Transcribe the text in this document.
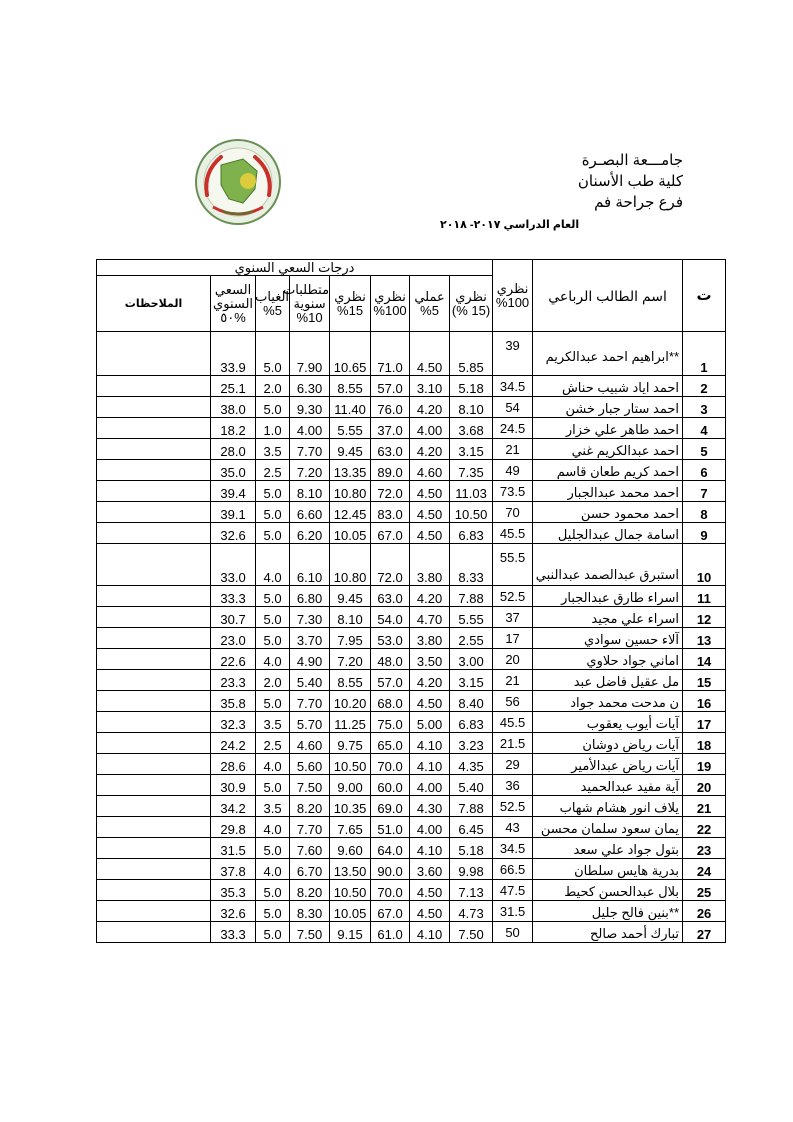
جامـــعة البصـرة
كلية طب الأسنان
فرع جراحة فم
العام الدراسي ٢٠١٧- ٢٠١٨
ت	اسم الطالب الرباعي	نظري 100%	درجات السعي السنوي							
			نظري (15 %)	عملي 5%	نظري 100%	نظري 15%	متطلبات سنوية 10%	الغياب 5%	السعي السنوي %٥٠	الملاحظات
1	**ابراهيم احمد عبدالكريم	39	5.85	4.50	71.0	10.65	7.90	5.0	33.9	
2	احمد اياد شبيب حناش	34.5	5.18	3.10	57.0	8.55	6.30	2.0	25.1	
3	احمد ستار جبار خشن	54	8.10	4.20	76.0	11.40	9.30	5.0	38.0	
4	احمد طاهر علي خزار	24.5	3.68	4.00	37.0	5.55	4.00	1.0	18.2	
5	احمد عبدالكريم غني	21	3.15	4.20	63.0	9.45	7.70	3.5	28.0	
6	احمد كريم طعان قاسم	49	7.35	4.60	89.0	13.35	7.20	2.5	35.0	
7	احمد محمد عبدالجبار	73.5	11.03	4.50	72.0	10.80	8.10	5.0	39.4	
8	احمد محمود حسن	70	10.50	4.50	83.0	12.45	6.60	5.0	39.1	
9	اسامة جمال عبدالجليل	45.5	6.83	4.50	67.0	10.05	6.20	5.0	32.6	
10	استبرق عبدالصمد عبدالنبي	55.5	8.33	3.80	72.0	10.80	6.10	4.0	33.0	
11	اسراء طارق عبدالجبار	52.5	7.88	4.20	63.0	9.45	6.80	5.0	33.3	
12	اسراء علي مجيد	37	5.55	4.70	54.0	8.10	7.30	5.0	30.7	
13	آلاء حسين سوادي	17	2.55	3.80	53.0	7.95	3.70	5.0	23.0	
14	اماني جواد حلاوي	20	3.00	3.50	48.0	7.20	4.90	4.0	22.6	
15	مل عقيل فاضل عبد	21	3.15	4.20	57.0	8.55	5.40	2.0	23.3	
16	ن مدحت محمد جواد	56	8.40	4.50	68.0	10.20	7.70	5.0	35.8	
17	آيات أيوب يعقوب	45.5	6.83	5.00	75.0	11.25	5.70	3.5	32.3	
18	آيات رياض دوشان	21.5	3.23	4.10	65.0	9.75	4.60	2.5	24.2	
19	آيات رياض عبدالأمير	29	4.35	4.10	70.0	10.50	5.60	4.0	28.6	
20	آية مفيد عبدالحميد	36	5.40	4.00	60.0	9.00	7.50	5.0	30.9	
21	يلاف انور هشام شهاب	52.5	7.88	4.30	69.0	10.35	8.20	3.5	34.2	
22	يمان سعود سلمان محسن	43	6.45	4.00	51.0	7.65	7.70	4.0	29.8	
23	بتول جواد علي سعد	34.5	5.18	4.10	64.0	9.60	7.60	5.0	31.5	
24	بدرية هايس سلطان	66.5	9.98	3.60	90.0	13.50	6.70	4.0	37.8	
25	بلال عبدالحسن كحيط	47.5	7.13	4.50	70.0	10.50	8.20	5.0	35.3	
26	**بنين فالح جليل	31.5	4.73	4.50	67.0	10.05	8.30	5.0	32.6	
27	تبارك أحمد صالح	50	7.50	4.10	61.0	9.15	7.50	5.0	33.3	
